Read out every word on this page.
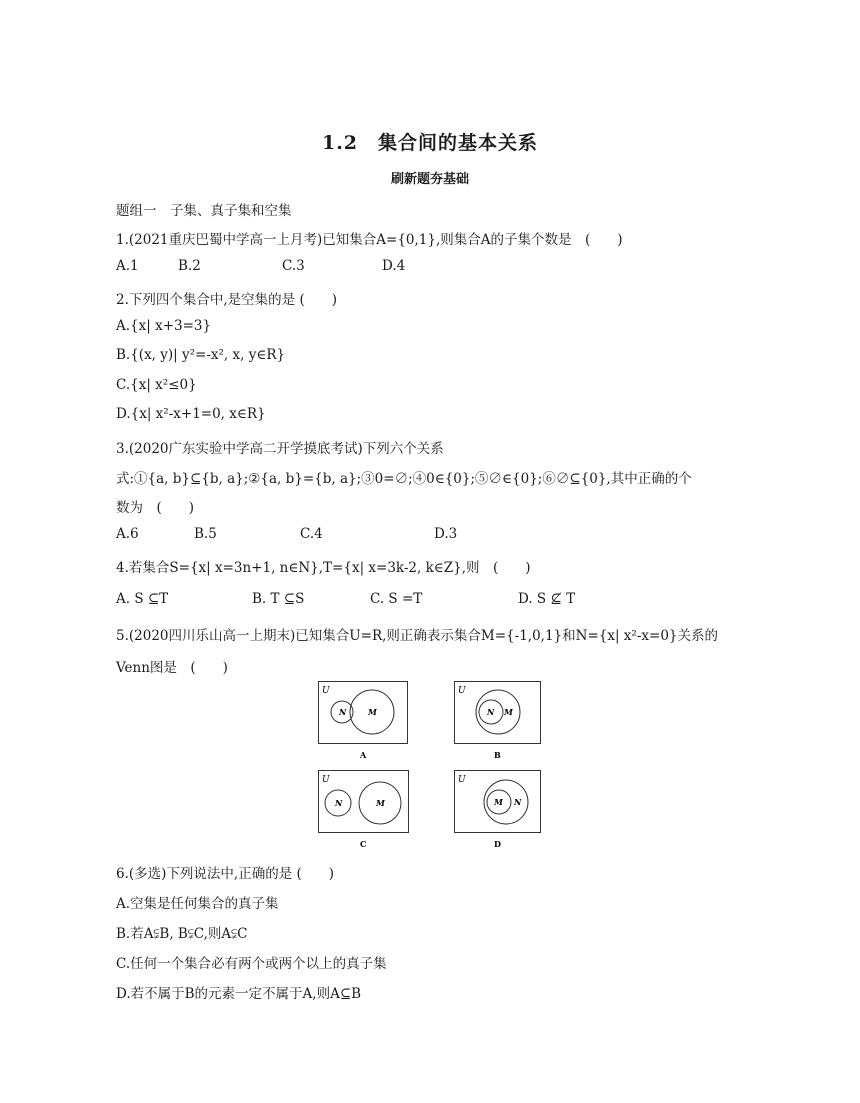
1.2　集合间的基本关系
刷新题夯基础
题组一　子集、真子集和空集
1.(2021重庆巴蜀中学高一上月考)已知集合A={0,1},则集合A的子集个数是　(　　)
A.1	B.2	C.3	D.4
2.下列四个集合中,是空集的是 (　　)
A.{x| x+3=3}
B.{(x, y)| y²=-x², x, y∈R}
C.{x| x²≤0}
D.{x| x²-x+1=0, x∈R}
3.(2020广东实验中学高二开学摸底考试)下列六个关系
式:①{a, b}⊆{b, a};②{a, b}={b, a};③0=∅;④0∈{0};⑤∅∈{0};⑥∅⊆{0},其中正确的个
数为　(　　)
A.6	B.5	C.4	D.3
4.若集合S={x| x=3n+1, n∈N},T={x| x=3k-2, k∈Z},则　(　　)
A. S ⊆T	B. T ⊆S	C. S =T	D. S ⊈ T
5.(2020四川乐山高一上期末)已知集合U=R,则正确表示集合M={-1,0,1}和N={x| x²-x=0}关系的
Venn图是　(　　)
U
N	M
A
U
N M
B
U
N	M
C
U
M N
D
6.(多选)下列说法中,正确的是 (　　)
A.空集是任何集合的真子集
B.若A⫋B, B⫋C,则A⫋C
C.任何一个集合必有两个或两个以上的真子集
D.若不属于B的元素一定不属于A,则A⊆B
